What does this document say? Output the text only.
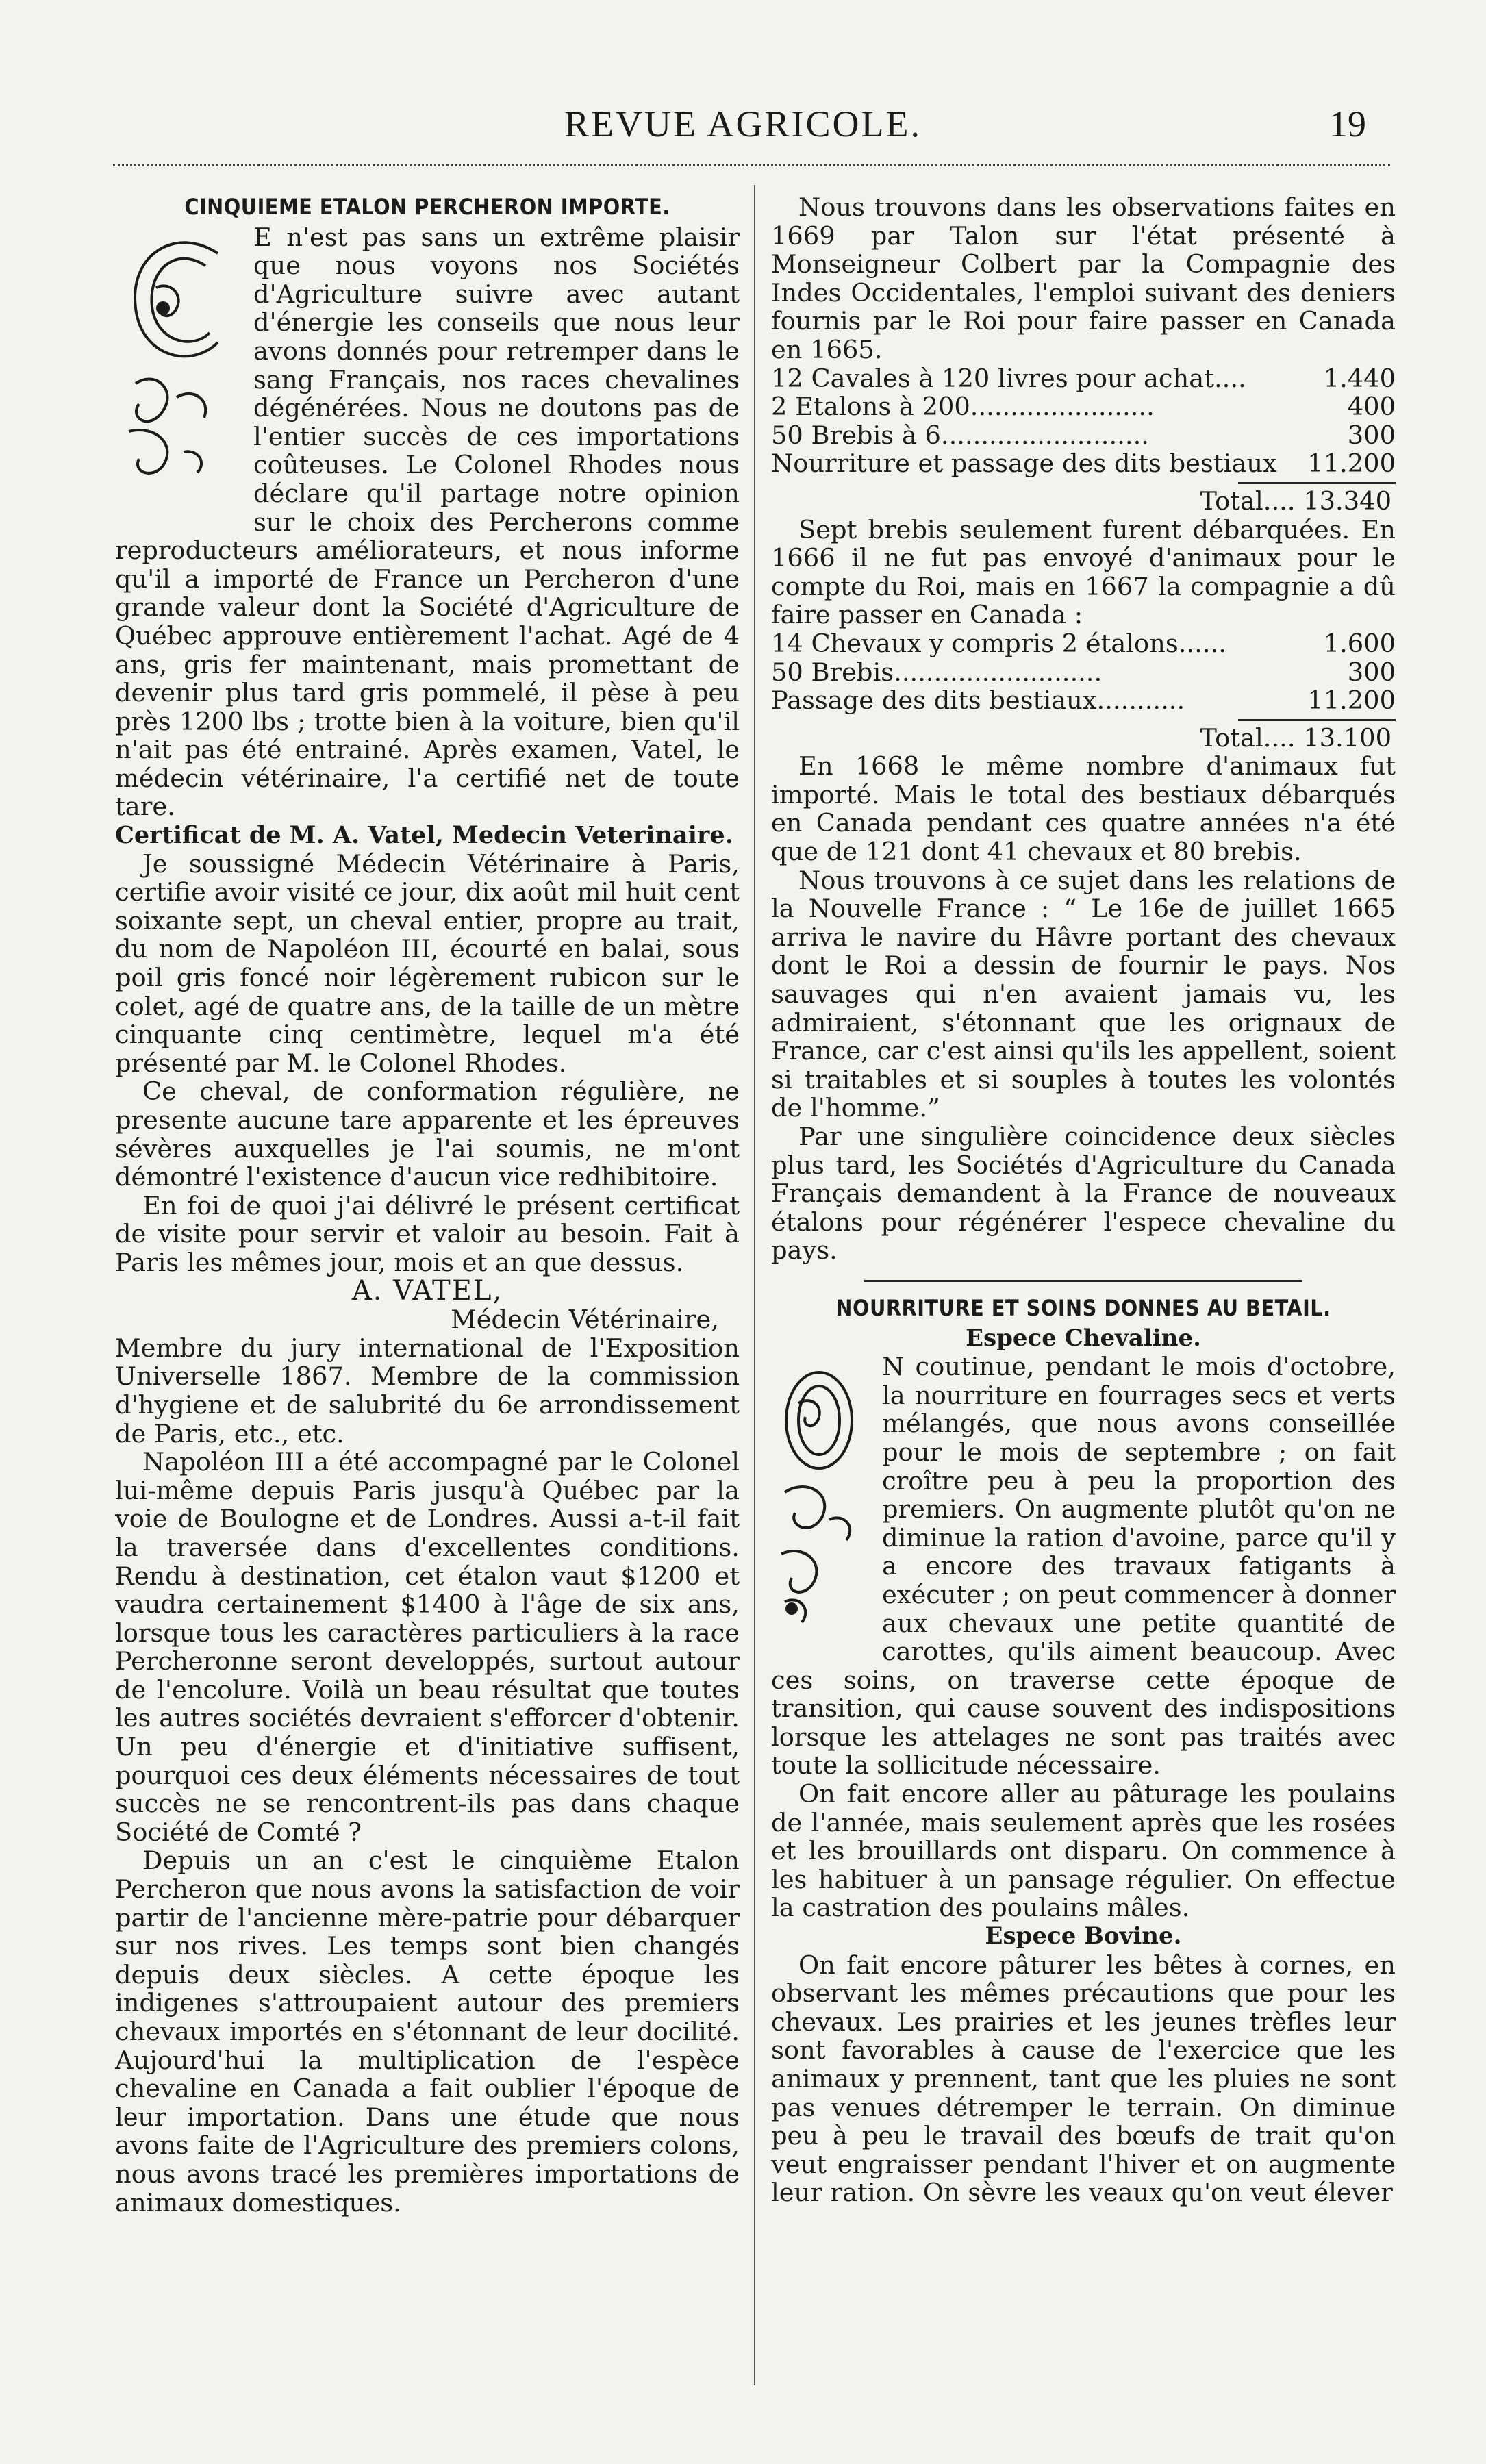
REVUE AGRICOLE.	19
CINQUIEME ETALON PERCHERON IMPORTE.

E n'est pas sans un extrême plaisir que nous voyons nos Sociétés d'Agriculture suivre avec autant d'énergie les conseils que nous leur avons donnés pour retremper dans le sang Français, nos races chevalines dégénérées. Nous ne doutons pas de l'entier succès de ces importations coûteuses. Le Colonel Rhodes nous déclare qu'il partage notre opinion sur le choix des Percherons comme reproducteurs améliorateurs, et nous informe qu'il a importé de France un Percheron d'une grande valeur dont la Société d'Agriculture de Québec approuve entièrement l'achat. Agé de 4 ans, gris fer maintenant, mais promettant de devenir plus tard gris pommelé, il pèse à peu près 1200 lbs ; trotte bien à la voiture, bien qu'il n'ait pas été entrainé. Après examen, Vatel, le médecin vétérinaire, l'a certifié net de toute tare.

Certificat de M. A. Vatel, Medecin Veterinaire.

Je soussigné Médecin Vétérinaire à Paris, certifie avoir visité ce jour, dix août mil huit cent soixante sept, un cheval entier, propre au trait, du nom de Napoléon III, écourté en balai, sous poil gris foncé noir légèrement rubicon sur le colet, agé de quatre ans, de la taille de un mètre cinquante cinq centimètre, lequel m'a été présenté par M. le Colonel Rhodes.

Ce cheval, de conformation régulière, ne presente aucune tare apparente et les épreuves sévères auxquelles je l'ai soumis, ne m'ont démontré l'existence d'aucun vice redhibitoire.

En foi de quoi j'ai délivré le présent certificat de visite pour servir et valoir au besoin. Fait à Paris les mêmes jour, mois et an que dessus.

A. VATEL,

Médecin Vétérinaire,

Membre du jury international de l'Exposition Universelle 1867. Membre de la commission d'hygiene et de salubrité du 6e arrondissement de Paris, etc., etc.

Napoléon III a été accompagné par le Colonel lui-même depuis Paris jusqu'à Québec par la voie de Boulogne et de Londres. Aussi a-t-il fait la traversée dans d'excellentes conditions. Rendu à destination, cet étalon vaut $1200 et vaudra certainement $1400 à l'âge de six ans, lorsque tous les caractères particuliers à la race Percheronne seront developpés, surtout autour de l'encolure. Voilà un beau résultat que toutes les autres sociétés devraient s'efforcer d'obtenir. Un peu d'énergie et d'initiative suffisent, pourquoi ces deux éléments nécessaires de tout succès ne se rencontrent-ils pas dans chaque Société de Comté ?

Depuis un an c'est le cinquième Etalon Percheron que nous avons la satisfaction de voir partir de l'ancienne mère-patrie pour débarquer sur nos rives. Les temps sont bien changés depuis deux siècles. A cette époque les indigenes s'attroupaient autour des premiers chevaux importés en s'étonnant de leur docilité. Aujourd'hui la multiplication de l'espèce chevaline en Canada a fait oublier l'époque de leur importation. Dans une étude que nous avons faite de l'Agriculture des premiers colons, nous avons tracé les premières importations de animaux domestiques.

Nous trouvons dans les observations faites en 1669 par Talon sur l'état présenté à Monseigneur Colbert par la Compagnie des Indes Occidentales, l'emploi suivant des deniers fournis par le Roi pour faire passer en Canada en 1665.

12 Cavales à 120 livres pour achat....	1.440
2 Etalons à 200.......................	400
50 Brebis à 6..........................	300
Nourriture et passage des dits bestiaux 11.200
Total.... 13.340

Sept brebis seulement furent débarquées. En 1666 il ne fut pas envoyé d'animaux pour le compte du Roi, mais en 1667 la compagnie a dû faire passer en Canada :

14 Chevaux y compris 2 étalons......	1.600
50 Brebis..........................	300
Passage des dits bestiaux...........	11.200
Total.... 13.100

En 1668 le même nombre d'animaux fut importé. Mais le total des bestiaux débarqués en Canada pendant ces quatre années n'a été que de 121 dont 41 chevaux et 80 brebis.

Nous trouvons à ce sujet dans les relations de la Nouvelle France : “ Le 16e de juillet 1665 arriva le navire du Hâvre portant des chevaux dont le Roi a dessin de fournir le pays. Nos sauvages qui n'en avaient jamais vu, les admiraient, s'étonnant que les orignaux de France, car c'est ainsi qu'ils les appellent, soient si traitables et si souples à toutes les volontés de l'homme.”

Par une singulière coincidence deux siècles plus tard, les Sociétés d'Agriculture du Canada Français demandent à la France de nouveaux étalons pour régénérer l'espece chevaline du pays.

NOURRITURE ET SOINS DONNES AU BETAIL.

Espece Chevaline.

N coutinue, pendant le mois d'octobre, la nourriture en fourrages secs et verts mélangés, que nous avons conseillée pour le mois de septembre ; on fait croître peu à peu la proportion des premiers. On augmente plutôt qu'on ne diminue la ration d'avoine, parce qu'il y a encore des travaux fatigants à exécuter ; on peut commencer à donner aux chevaux une petite quantité de carottes, qu'ils aiment beaucoup. Avec ces soins, on traverse cette époque de transition, qui cause souvent des indispositions lorsque les attelages ne sont pas traités avec toute la sollicitude nécessaire.

On fait encore aller au pâturage les poulains de l'année, mais seulement après que les rosées et les brouillards ont disparu. On commence à les habituer à un pansage régulier. On effectue la castration des poulains mâles.

Espece Bovine.

On fait encore pâturer les bêtes à cornes, en observant les mêmes précautions que pour les chevaux. Les prairies et les jeunes trèfles leur sont favorables à cause de l'exercice que les animaux y prennent, tant que les pluies ne sont pas venues détremper le terrain. On diminue peu à peu le travail des bœufs de trait qu'on veut engraisser pendant l'hiver et on augmente leur ration. On sèvre les veaux qu'on veut élever
